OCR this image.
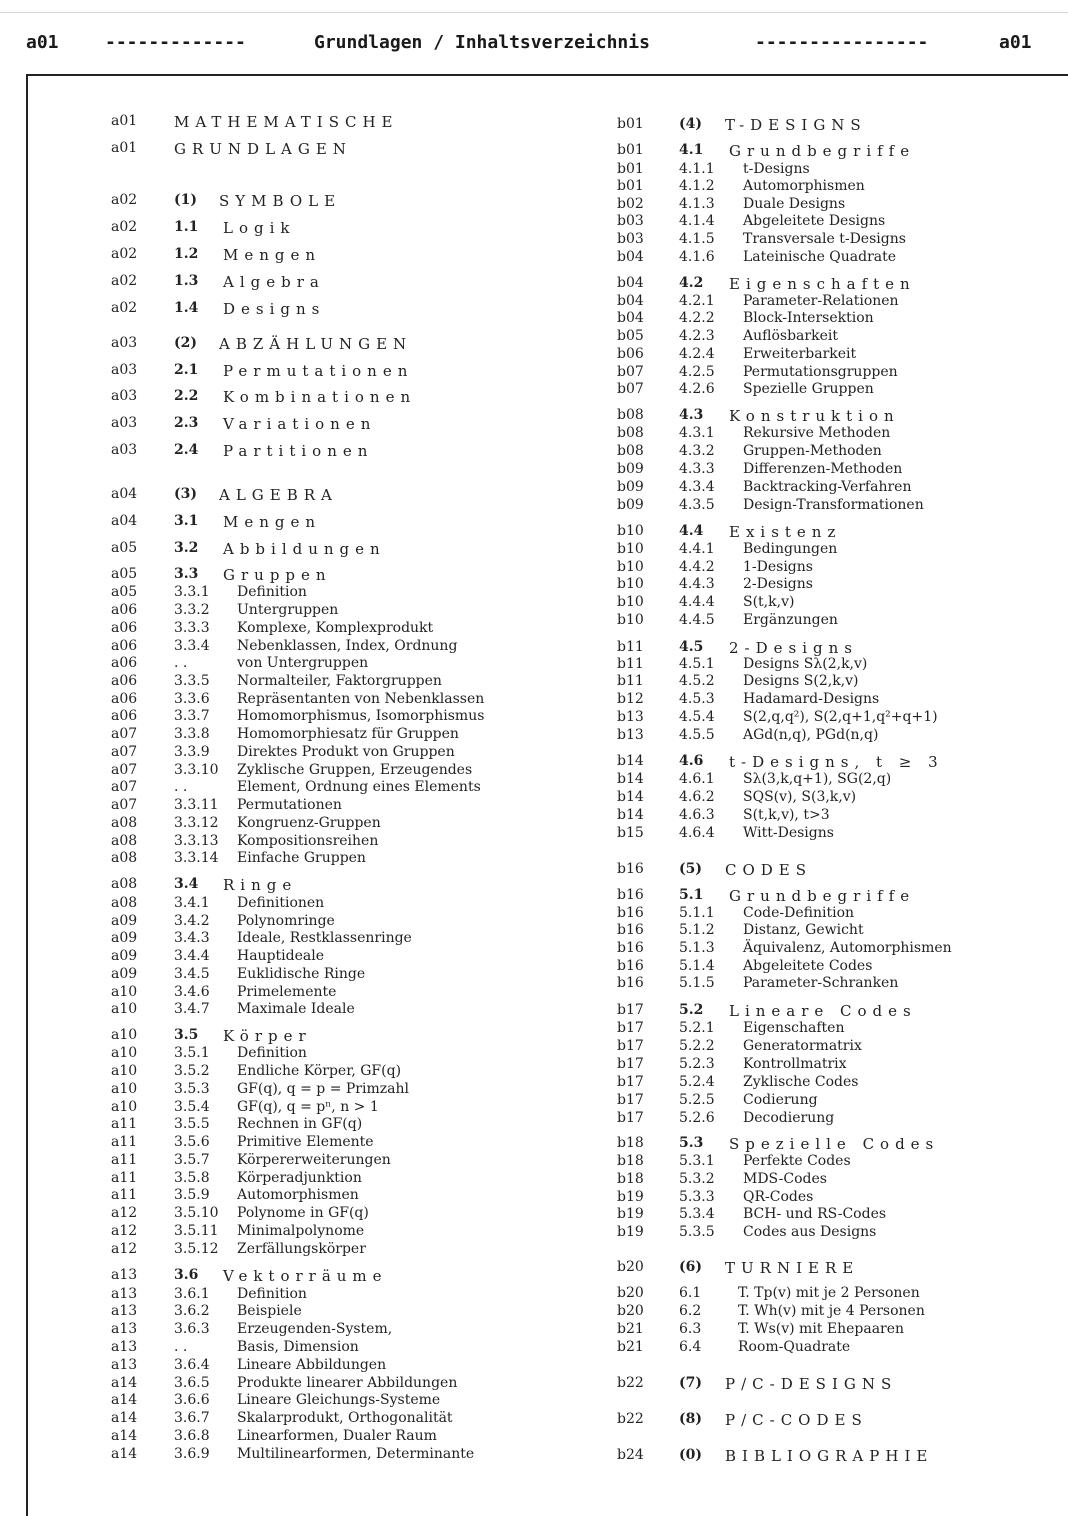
a01	-------------	Grundlagen / Inhaltsverzeichnis	----------------	a01
a01 MATHEMATISCHE
a01 GRUNDLAGEN
a02	(1) SYMBOLE
a02	1.1 Logik
a02	1.2 Mengen
a02	1.3 Algebra
a02	1.4 Designs
a03	(2) ABZÄHLUNGEN
a03	2.1 Permutationen
a03	2.2 Kombinationen
a03	2.3 Variationen
a03	2.4 Partitionen
a04	(3) ALGEBRA
a04	3.1 Mengen
a05	3.2 Abbildungen
a05	3.3 Gruppen
a05	3.3.1 Definition
a06	3.3.2 Untergruppen
a06	3.3.3 Komplexe, Komplexprodukt
a06	3.3.4 Nebenklassen, Index, Ordnung
a06	. .	von Untergruppen
a06	3.3.5 Normalteiler, Faktorgruppen
a06	3.3.6 Repräsentanten von Nebenklassen
a06	3.3.7 Homomorphismus, Isomorphismus
a07	3.3.8 Homomorphiesatz für Gruppen
a07	3.3.9 Direktes Produkt von Gruppen
a07	3.3.10 Zyklische Gruppen, Erzeugendes
a07	. .	Element, Ordnung eines Elements
a07	3.3.11 Permutationen
a08	3.3.12 Kongruenz-Gruppen
a08	3.3.13 Kompositionsreihen
a08	3.3.14 Einfache Gruppen
a08	3.4 Ringe
a08	3.4.1 Definitionen
a09	3.4.2 Polynomringe
a09	3.4.3 Ideale, Restklassenringe
a09	3.4.4 Hauptideale
a09	3.4.5 Euklidische Ringe
a10	3.4.6 Primelemente
a10	3.4.7 Maximale Ideale
a10	3.5 Körper
a10	3.5.1 Definition
a10	3.5.2 Endliche Körper, GF(q)
a10	3.5.3 GF(q), q = p = Primzahl
a10	3.5.4 GF(q), q = pⁿ, n > 1
a11	3.5.5 Rechnen in GF(q)
a11	3.5.6 Primitive Elemente
a11	3.5.7 Körpererweiterungen
a11	3.5.8 Körperadjunktion
a11	3.5.9 Automorphismen
a12	3.5.10 Polynome in GF(q)
a12	3.5.11 Minimalpolynome
a12	3.5.12 Zerfällungskörper
a13	3.6 Vektorräume
a13	3.6.1 Definition
a13	3.6.2 Beispiele
a13	3.6.3 Erzeugenden-System,
a13	. .	Basis, Dimension
a13	3.6.4 Lineare Abbildungen
a14	3.6.5 Produkte linearer Abbildungen
a14	3.6.6 Lineare Gleichungs-Systeme
a14	3.6.7 Skalarprodukt, Orthogonalität
a14	3.6.8 Linearformen, Dualer Raum
a14	3.6.9 Multilinearformen, Determinante
b01	(4) T-DESIGNS
b01	4.1 Grundbegriffe
b01	4.1.1 t-Designs
b01	4.1.2 Automorphismen
b02	4.1.3 Duale Designs
b03	4.1.4 Abgeleitete Designs
b03	4.1.5 Transversale t-Designs
b04	4.1.6 Lateinische Quadrate
b04	4.2 Eigenschaften
b04	4.2.1 Parameter-Relationen
b04	4.2.2 Block-Intersektion
b05	4.2.3 Auflösbarkeit
b06	4.2.4 Erweiterbarkeit
b07	4.2.5 Permutationsgruppen
b07	4.2.6 Spezielle Gruppen
b08	4.3 Konstruktion
b08	4.3.1 Rekursive Methoden
b08	4.3.2 Gruppen-Methoden
b09	4.3.3 Differenzen-Methoden
b09	4.3.4 Backtracking-Verfahren
b09	4.3.5 Design-Transformationen
b10	4.4 Existenz
b10	4.4.1 Bedingungen
b10	4.4.2 1-Designs
b10	4.4.3 2-Designs
b10	4.4.4 S(t,k,v)
b10	4.4.5 Ergänzungen
b11	4.5 2-Designs
b11	4.5.1 Designs Sλ(2,k,v)
b11	4.5.2 Designs S(2,k,v)
b12	4.5.3 Hadamard-Designs
b13	4.5.4 S(2,q,q²), S(2,q+1,q²+q+1)
b13	4.5.5 AGd(n,q), PGd(n,q)
b14	4.6 t-Designs, t ≥ 3
b14	4.6.1 Sλ(3,k,q+1), SG(2,q)
b14	4.6.2 SQS(v), S(3,k,v)
b14	4.6.3 S(t,k,v), t>3
b15	4.6.4 Witt-Designs
b16	(5) CODES
b16	5.1 Grundbegriffe
b16	5.1.1 Code-Definition
b16	5.1.2 Distanz, Gewicht
b16	5.1.3 Äquivalenz, Automorphismen
b16	5.1.4 Abgeleitete Codes
b16	5.1.5 Parameter-Schranken
b17	5.2 Lineare Codes
b17	5.2.1 Eigenschaften
b17	5.2.2 Generatormatrix
b17	5.2.3 Kontrollmatrix
b17	5.2.4 Zyklische Codes
b17	5.2.5 Codierung
b17	5.2.6 Decodierung
b18	5.3 Spezielle Codes
b18	5.3.1 Perfekte Codes
b18	5.3.2 MDS-Codes
b19	5.3.3 QR-Codes
b19	5.3.4 BCH- und RS-Codes
b19	5.3.5 Codes aus Designs
b20	(6) TURNIERE
b20	6.1	T. Tp(v) mit je 2 Personen
b20	6.2	T. Wh(v) mit je 4 Personen
b21	6.3	T. Ws(v) mit Ehepaaren
b21	6.4	Room-Quadrate
b22	(7) P/C-DESIGNS
b22	(8) P/C-CODES
b24	(0) BIBLIOGRAPHIE
